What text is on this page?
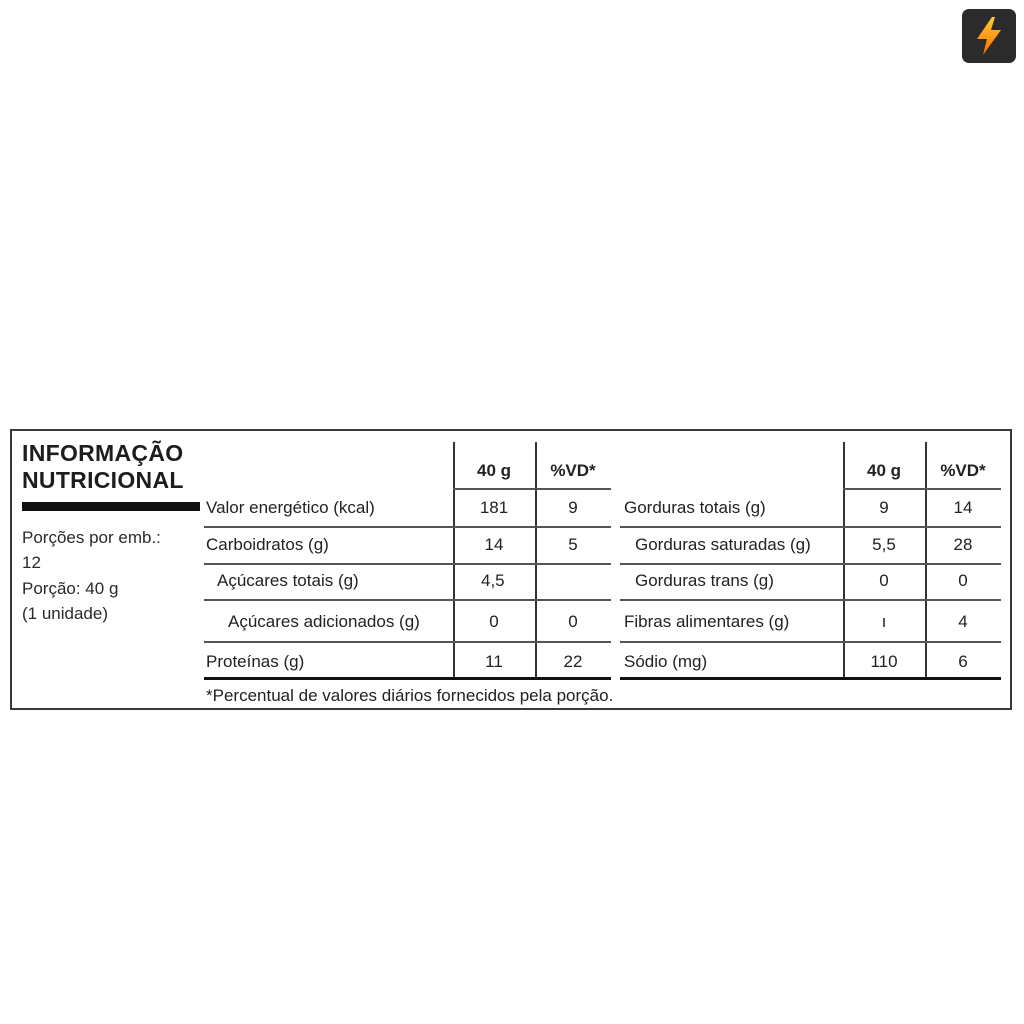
INFORMAÇÃO
NUTRICIONAL
Porções por emb.:
12
Porção: 40 g
(1 unidade)
40 g	%VD*	40 g	%VD*
Valor energético (kcal)	181	9
Carboidratos (g)	14	5
Açúcares totais (g)	4,5
Açúcares adicionados (g)	0	0
Proteínas (g)	11	22
Gorduras totais (g)	9	14
Gorduras saturadas (g)	5,5	28
Gorduras trans (g)	0	0
Fibras alimentares (g)	ı	4
Sódio (mg)	110	6
*Percentual de valores diários fornecidos pela porção.
